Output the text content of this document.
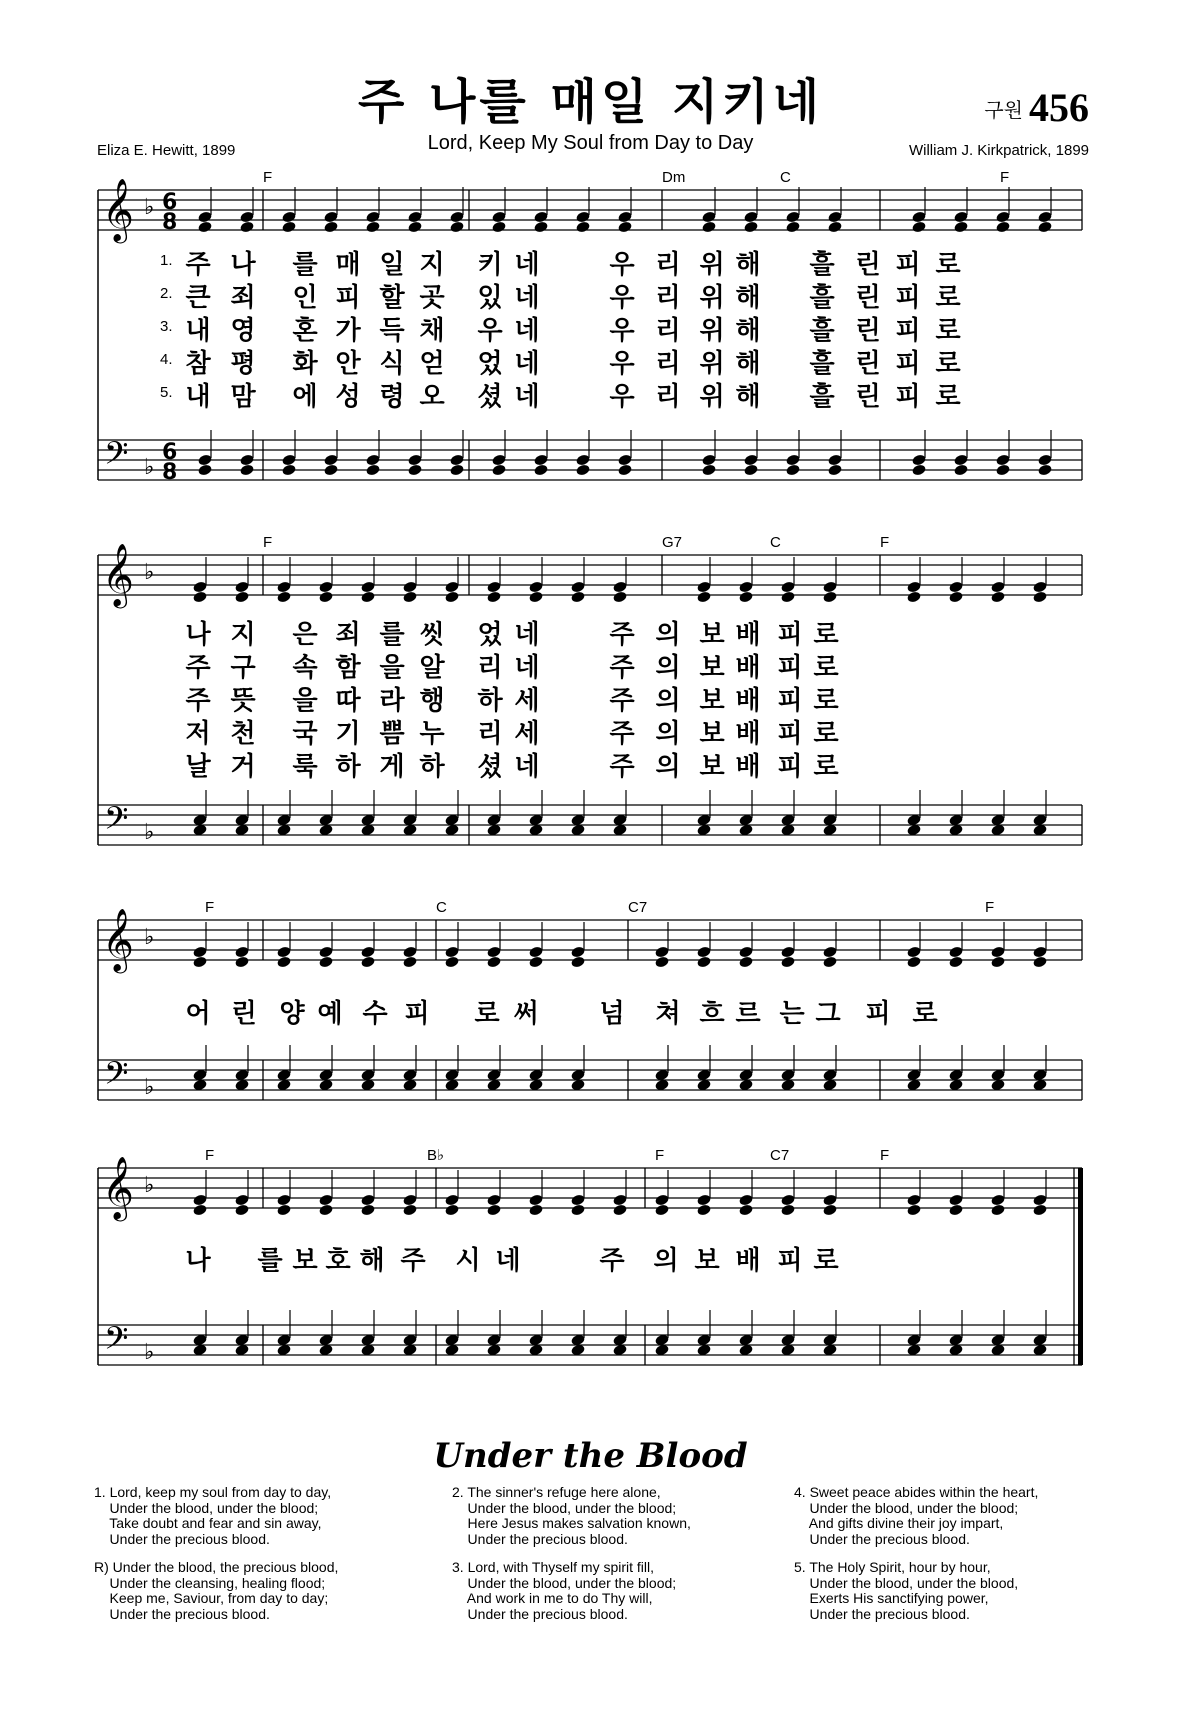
주 나를 매일 지키네	구원 456
Lord, Keep My Soul from Day to Day
Eliza E. Hewitt, 1899	William J. Kirkpatrick, 1899
𝄞
𝄢
♭
♭
6
8
6
8
F	Dm	C	F
𝄞
𝄢
♭
♭
F	G7	C	F
𝄞
𝄢
♭
♭
F	C	C7	F
𝄞
𝄢
♭
♭
F	B♭	F	C7	F
1. 주 나 를 매 일 지 키 네	우 리 위 해 흘 린 피 로
2. 큰 죄 인 피 할 곳 있 네	우 리 위 해 흘 린 피 로
3. 내 영 혼 가 득 채 우 네	우 리 위 해 흘 린 피 로
4. 참 평 화 안 식 얻 었 네	우 리 위 해 흘 린 피 로
5. 내 맘 에 성 령 오 셨 네	우 리 위 해 흘 린 피 로
나 지 은 죄 를 씻 었 네	주 의 보 배 피 로
주 구 속 함 을 알 리 네	주 의 보 배 피 로
주 뜻 을 따 라 행 하 세	주 의 보 배 피 로
저 천 국 기 쁨 누 리 세	주 의 보 배 피 로
날 거 룩 하 게 하 셨 네	주 의 보 배 피 로
어 린 양 예 수 피 로 써 넘 쳐 흐 르 는 그 피 로
나 를 보 호 해 주 시 네	주 의 보 배 피 로
Under the Blood
1. Lord, keep my soul from day to day,
Under the blood, under the blood;
Take doubt and fear and sin away,
Under the precious blood.
R) Under the blood, the precious blood,
Under the cleansing, healing flood;
Keep me, Saviour, from day to day;
Under the precious blood.
2. The sinner's refuge here alone,
Under the blood, under the blood;
Here Jesus makes salvation known,
Under the precious blood.
3. Lord, with Thyself my spirit fill,
Under the blood, under the blood;
And work in me to do Thy will,
Under the precious blood.
4. Sweet peace abides within the heart,
Under the blood, under the blood;
And gifts divine their joy impart,
Under the precious blood.
5. The Holy Spirit, hour by hour,
Under the blood, under the blood,
Exerts His sanctifying power,
Under the precious blood.
